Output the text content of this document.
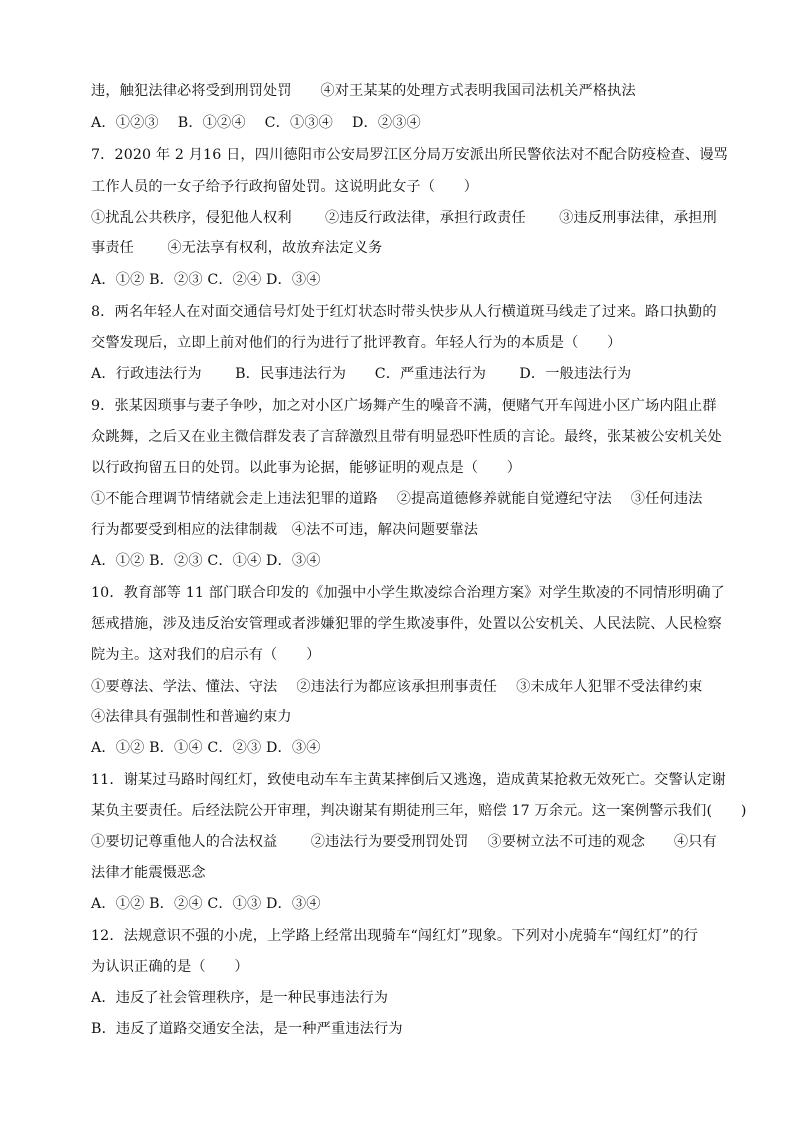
违，触犯法律必将受到刑罚处罚　　④对王某某的处理方式表明我国司法机关严格执法
A．①②③　 B．①②④　 C．①③④　 D．②③④
7．2020 年 2 月16 日，四川德阳市公安局罗江区分局万安派出所民警依法对不配合防疫检查、谩骂
工作人员的一女子给予行政拘留处罚。这说明此女子（　　）
①扰乱公共秩序，侵犯他人权利　　 ②违反行政法律，承担行政责任　　 ③违反刑事法律，承担刑
事责任　　 ④无法享有权利，故放弃法定义务
A．①② B．②③ C．②④ D．③④
8．两名年轻人在对面交通信号灯处于红灯状态时带头快步从人行横道斑马线走了过来。路口执勤的
交警发现后，立即上前对他们的行为进行了批评教育。年轻人行为的本质是（　　）
A．行政违法行为　　 B．民事违法行为　　C．严重违法行为　　 D．一般违法行为
9．张某因琐事与妻子争吵，加之对小区广场舞产生的噪音不满，便赌气开车闯进小区广场内阻止群
众跳舞，之后又在业主微信群发表了言辞激烈且带有明显恐吓性质的言论。最终，张某被公安机关处
以行政拘留五日的处罚。以此事为论据，能够证明的观点是（　　）
①不能合理调节情绪就会走上违法犯罪的道路　 ②提高道德修养就能自觉遵纪守法　 ③任何违法
行为都要受到相应的法律制裁　④法不可违，解决问题要靠法
A．①② B．②③ C．①④ D．③④
10．教育部等 11 部门联合印发的《加强中小学生欺凌综合治理方案》对学生欺凌的不同情形明确了
惩戒措施，涉及违反治安管理或者涉嫌犯罪的学生欺凌事件，处置以公安机关、人民法院、人民检察
院为主。这对我们的启示有（　　）
①要尊法、学法、懂法、守法　 ②违法行为都应该承担刑事责任　 ③未成年人犯罪不受法律约束
④法律具有强制性和普遍约束力
A．①② B．①④ C．②③ D．③④
11．谢某过马路时闯红灯，致使电动车车主黄某摔倒后又逃逸，造成黄某抢救无效死亡。交警认定谢
某负主要责任。后经法院公开审理，判决谢某有期徒刑三年，赔偿 17 万余元。这一案例警示我们(　　)
①要切记尊重他人的合法权益　　 ②违法行为要受刑罚处罚　 ③要树立法不可违的观念　　④只有
法律才能震慑恶念
A．①② B．②④ C．①③ D．③④
12．法规意识不强的小虎，上学路上经常出现骑车“闯红灯”现象。下列对小虎骑车“闯红灯”的行
为认识正确的是（　　）
A．违反了社会管理秩序，是一种民事违法行为
B．违反了道路交通安全法，是一种严重违法行为
